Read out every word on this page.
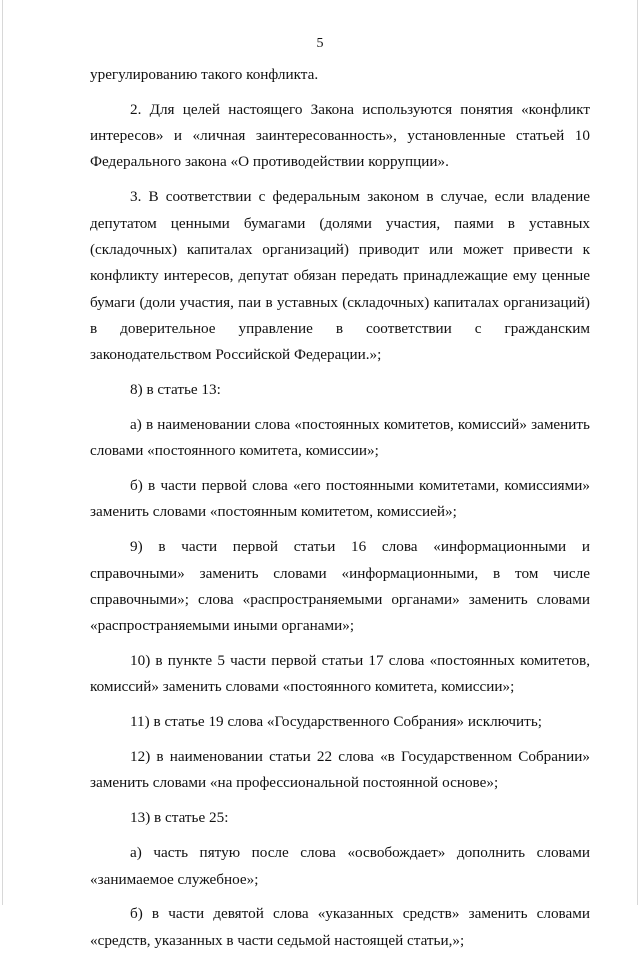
5

урегулированию такого конфликта.

2. Для целей настоящего Закона используются понятия «конфликт интересов» и «личная заинтересованность», установленные статьей 10 Федерального закона «О противодействии коррупции».

3. В соответствии с федеральным законом в случае, если владение депутатом ценными бумагами (долями участия, паями в уставных (складочных) капиталах организаций) приводит или может привести к конфликту интересов, депутат обязан передать принадлежащие ему ценные бумаги (доли участия, паи в уставных (складочных) капиталах организаций) в доверительное управление в соответствии с гражданским законодательством Российской Федерации.»;

8) в статье 13:

а) в наименовании слова «постоянных комитетов, комиссий» заменить словами «постоянного комитета, комиссии»;

б) в части первой слова «его постоянными комитетами, комиссиями» заменить словами «постоянным комитетом, комиссией»;

9) в части первой статьи 16 слова «информационными и справочными» заменить словами «информационными, в том числе справочными»; слова «распространяемыми органами» заменить словами «распространяемыми иными органами»;

10) в пункте 5 части первой статьи 17 слова «постоянных комитетов, комиссий» заменить словами «постоянного комитета, комиссии»;

11) в статье 19 слова «Государственного Собрания» исключить;

12) в наименовании статьи 22 слова «в Государственном Собрании» заменить словами «на профессиональной постоянной основе»;

13) в статье 25:

а) часть пятую после слова «освобождает» дополнить словами «занимаемое служебное»;

б) в части девятой слова «указанных средств» заменить словами «средств, указанных в части седьмой настоящей статьи,»;
